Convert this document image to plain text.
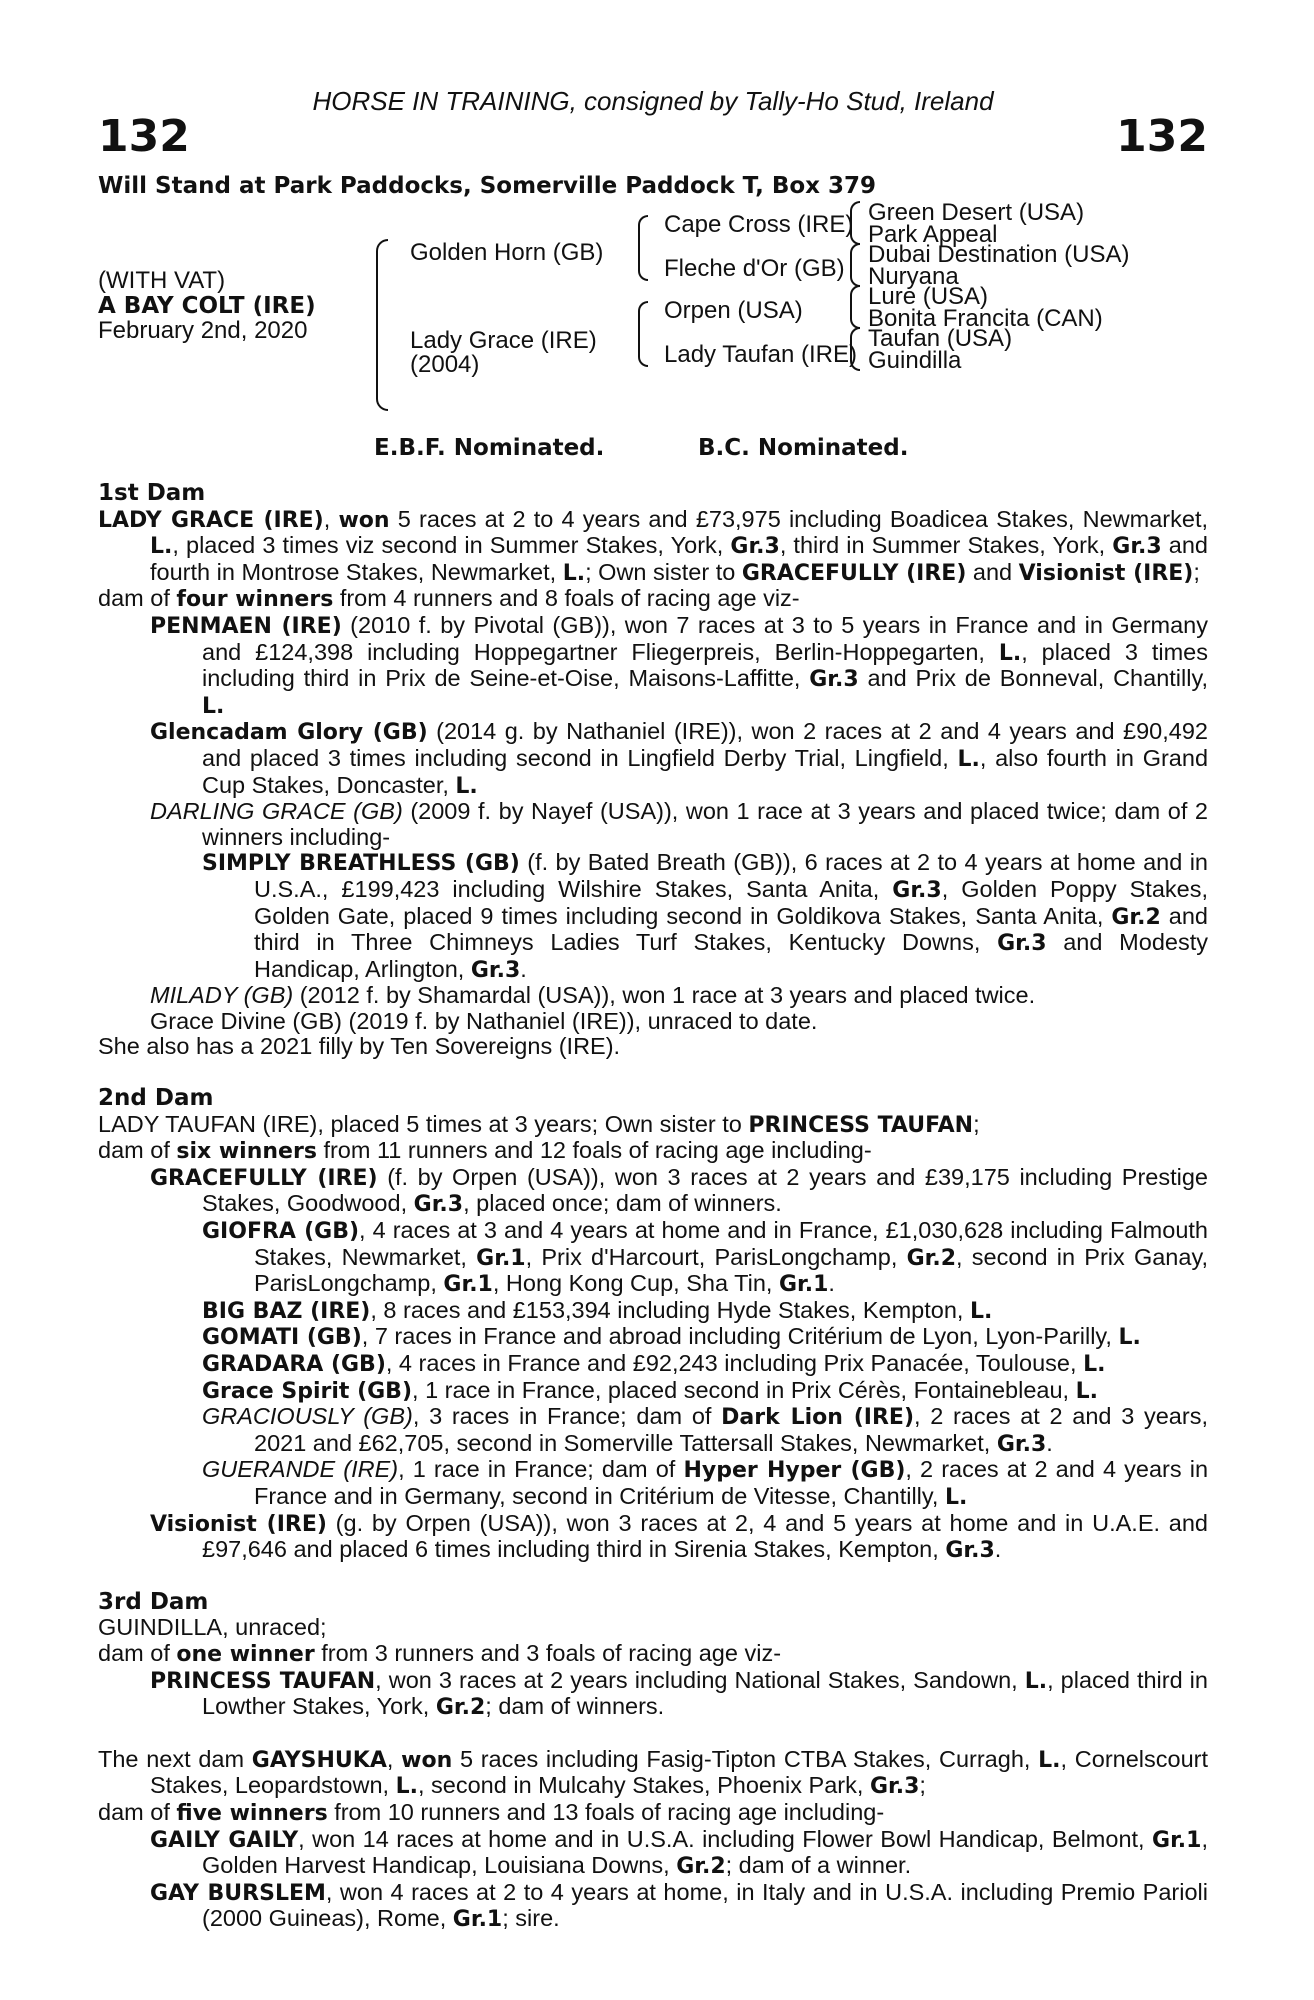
HORSE IN TRAINING, consigned by Tally-Ho Stud, Ireland
132	132
Will Stand at Park Paddocks, Somerville Paddock T, Box 379
(WITH VAT)
A BAY COLT (IRE)
February 2nd, 2020
Golden Horn (GB)
Lady Grace (IRE)
(2004)
Cape Cross (IRE)
Fleche d'Or (GB)
Orpen (USA)
Lady Taufan (IRE)
Green Desert (USA)
Park Appeal
Dubai Destination (USA)
Nuryana
Lure (USA)
Bonita Francita (CAN)
Taufan (USA)
Guindilla
E.B.F. Nominated.	B.C. Nominated.

1st Dam

LADY GRACE (IRE), won 5 races at 2 to 4 years and £73,975 including Boadicea Stakes, Newmarket, L., placed 3 times viz second in Summer Stakes, York, Gr.3, third in Summer Stakes, York, Gr.3 and fourth in Montrose Stakes, Newmarket, L.; Own sister to GRACEFULLY (IRE) and Visionist (IRE);

dam of four winners from 4 runners and 8 foals of racing age viz-

PENMAEN (IRE) (2010 f. by Pivotal (GB)), won 7 races at 3 to 5 years in France and in Germany and £124,398 including Hoppegartner Fliegerpreis, Berlin-Hoppegarten, L., placed 3 times including third in Prix de Seine-et-Oise, Maisons-Laffitte, Gr.3 and Prix de Bonneval, Chantilly, L.

Glencadam Glory (GB) (2014 g. by Nathaniel (IRE)), won 2 races at 2 and 4 years and £90,492 and placed 3 times including second in Lingfield Derby Trial, Lingfield, L., also fourth in Grand Cup Stakes, Doncaster, L.

DARLING GRACE (GB) (2009 f. by Nayef (USA)), won 1 race at 3 years and placed twice; dam of 2 winners including-

SIMPLY BREATHLESS (GB) (f. by Bated Breath (GB)), 6 races at 2 to 4 years at home and in U.S.A., £199,423 including Wilshire Stakes, Santa Anita, Gr.3, Golden Poppy Stakes, Golden Gate, placed 9 times including second in Goldikova Stakes, Santa Anita, Gr.2 and third in Three Chimneys Ladies Turf Stakes, Kentucky Downs, Gr.3 and Modesty Handicap, Arlington, Gr.3.

MILADY (GB) (2012 f. by Shamardal (USA)), won 1 race at 3 years and placed twice.

Grace Divine (GB) (2019 f. by Nathaniel (IRE)), unraced to date.

She also has a 2021 filly by Ten Sovereigns (IRE).

2nd Dam

LADY TAUFAN (IRE), placed 5 times at 3 years; Own sister to PRINCESS TAUFAN;

dam of six winners from 11 runners and 12 foals of racing age including-

GRACEFULLY (IRE) (f. by Orpen (USA)), won 3 races at 2 years and £39,175 including Prestige Stakes, Goodwood, Gr.3, placed once; dam of winners.

GIOFRA (GB), 4 races at 3 and 4 years at home and in France, £1,030,628 including Falmouth Stakes, Newmarket, Gr.1, Prix d'Harcourt, ParisLongchamp, Gr.2, second in Prix Ganay, ParisLongchamp, Gr.1, Hong Kong Cup, Sha Tin, Gr.1.

BIG BAZ (IRE), 8 races and £153,394 including Hyde Stakes, Kempton, L.

GOMATI (GB), 7 races in France and abroad including Critérium de Lyon, Lyon-Parilly, L.

GRADARA (GB), 4 races in France and £92,243 including Prix Panacée, Toulouse, L.

Grace Spirit (GB), 1 race in France, placed second in Prix Cérès, Fontainebleau, L.

GRACIOUSLY (GB), 3 races in France; dam of Dark Lion (IRE), 2 races at 2 and 3 years, 2021 and £62,705, second in Somerville Tattersall Stakes, Newmarket, Gr.3.

GUERANDE (IRE), 1 race in France; dam of Hyper Hyper (GB), 2 races at 2 and 4 years in France and in Germany, second in Critérium de Vitesse, Chantilly, L.

Visionist (IRE) (g. by Orpen (USA)), won 3 races at 2, 4 and 5 years at home and in U.A.E. and £97,646 and placed 6 times including third in Sirenia Stakes, Kempton, Gr.3.

3rd Dam

GUINDILLA, unraced;

dam of one winner from 3 runners and 3 foals of racing age viz-

PRINCESS TAUFAN, won 3 races at 2 years including National Stakes, Sandown, L., placed third in Lowther Stakes, York, Gr.2; dam of winners.

The next dam GAYSHUKA, won 5 races including Fasig-Tipton CTBA Stakes, Curragh, L., Cornelscourt Stakes, Leopardstown, L., second in Mulcahy Stakes, Phoenix Park, Gr.3;

dam of five winners from 10 runners and 13 foals of racing age including-

GAILY GAILY, won 14 races at home and in U.S.A. including Flower Bowl Handicap, Belmont, Gr.1, Golden Harvest Handicap, Louisiana Downs, Gr.2; dam of a winner.

GAY BURSLEM, won 4 races at 2 to 4 years at home, in Italy and in U.S.A. including Premio Parioli (2000 Guineas), Rome, Gr.1; sire.
